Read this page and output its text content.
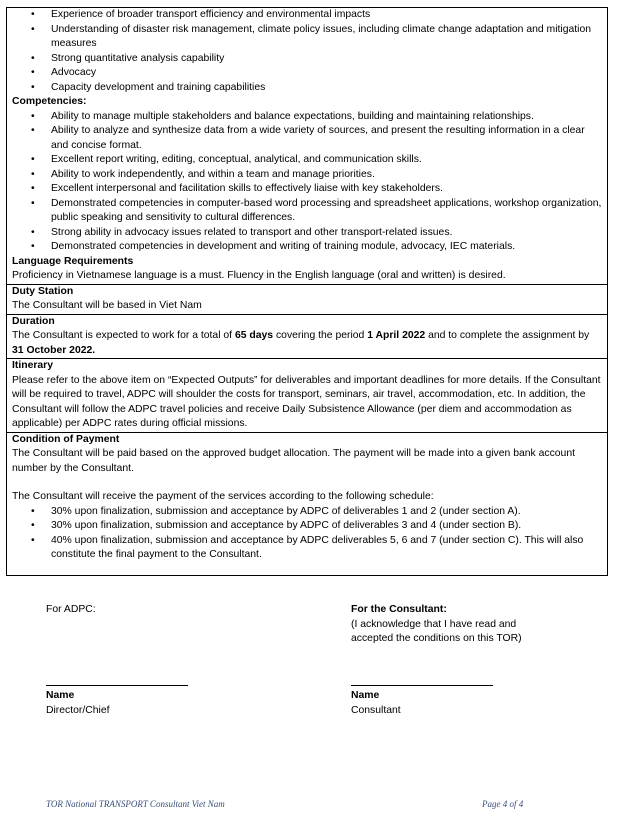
• Experience of broader transport efficiency and environmental impacts
• Understanding of disaster risk management, climate policy issues, including climate change adaptation and mitigation measures
• Strong quantitative analysis capability
• Advocacy
• Capacity development and training capabilities
Competencies:
• Ability to manage multiple stakeholders and balance expectations, building and maintaining relationships.
• Ability to analyze and synthesize data from a wide variety of sources, and present the resulting information in a clear and concise format.
• Excellent report writing, editing, conceptual, analytical, and communication skills.
• Ability to work independently, and within a team and manage priorities.
• Excellent interpersonal and facilitation skills to effectively liaise with key stakeholders.
• Demonstrated competencies in computer-based word processing and spreadsheet applications, workshop organization, public speaking and sensitivity to cultural differences.
• Strong ability in advocacy issues related to transport and other transport-related issues.
• Demonstrated competencies in development and writing of training module, advocacy, IEC materials.
Language Requirements

Proficiency in Vietnamese language is a must. Fluency in the English language (oral and written) is desired.

Duty Station

The Consultant will be based in Viet Nam

Duration

The Consultant is expected to work for a total of 65 days covering the period 1 April 2022 and to complete the assignment by 31 October 2022.

Itinerary

Please refer to the above item on “Expected Outputs” for deliverables and important deadlines for more details. If the Consultant will be required to travel, ADPC will shoulder the costs for transport, seminars, air travel, accommodation, etc. In addition, the Consultant will follow the ADPC travel policies and receive Daily Subsistence Allowance (per diem and accommodation as applicable) per ADPC rates during official missions.

Condition of Payment

The Consultant will be paid based on the approved budget allocation. The payment will be made into a given bank account number by the Consultant.

The Consultant will receive the payment of the services according to the following schedule:

• 30% upon finalization, submission and acceptance by ADPC of deliverables 1 and 2 (under section A).
• 30% upon finalization, submission and acceptance by ADPC of deliverables 3 and 4 (under section B).
• 40% upon finalization, submission and acceptance by ADPC deliverables 5, 6 and 7 (under section C). This will also constitute the final payment to the Consultant.
For ADPC:	For the Consultant:
(I acknowledge that I have read and
accepted the conditions on this TOR)
Name
Director/Chief
Name
Consultant
TOR National TRANSPORT Consultant Viet Nam	Page 4 of 4
